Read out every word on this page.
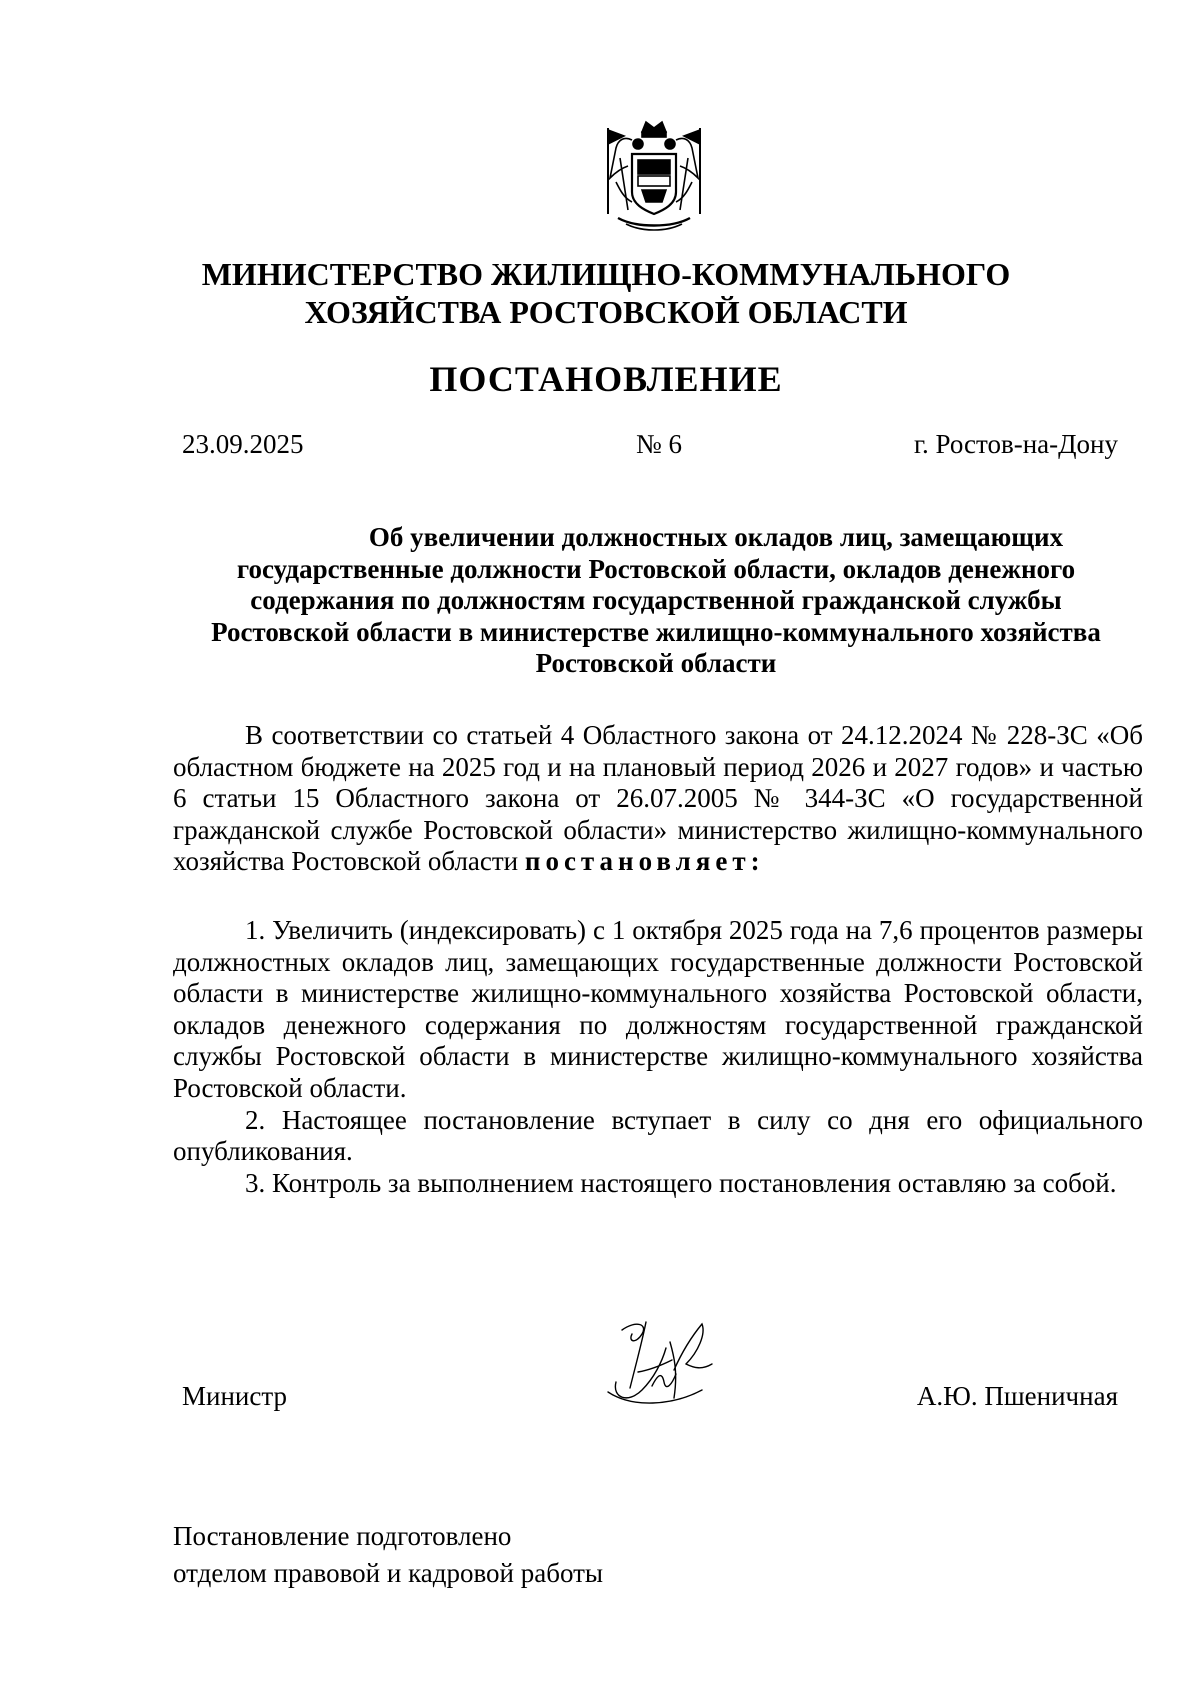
МИНИСТЕРСТВО ЖИЛИЩНО-КОММУНАЛЬНОГО
ХОЗЯЙСТВА РОСТОВСКОЙ ОБЛАСТИ
ПОСТАНОВЛЕНИЕ
23.09.2025	№ 6	г. Ростов-на-Дону
Об увеличении должностных окладов лиц, замещающих
государственные должности Ростовской области, окладов денежного
содержания по должностям государственной гражданской службы
Ростовской области в министерстве жилищно-коммунального хозяйства
Ростовской области

В соответствии со статьей 4 Областного закона от 24.12.2024 № 228-ЗС «Об областном бюджете на 2025 год и на плановый период 2026 и 2027 годов» и частью 6 статьи 15 Областного закона от 26.07.2005 № 344-ЗС «О государственной гражданской службе Ростовской области» министерство жилищно-коммунального хозяйства Ростовской области постановляет:

1. Увеличить (индексировать) с 1 октября 2025 года на 7,6 процентов размеры должностных окладов лиц, замещающих государственные должности Ростовской области в министерстве жилищно-коммунального хозяйства Ростовской области, окладов денежного содержания по должностям государственной гражданской службы Ростовской области в министерстве жилищно-коммунального хозяйства Ростовской области.

2. Настоящее постановление вступает в силу со дня его официального опубликования.

3. Контроль за выполнением настоящего постановления оставляю за собой.

Министр	А.Ю. Пшеничная
Постановление подготовлено
отделом правовой и кадровой работы
